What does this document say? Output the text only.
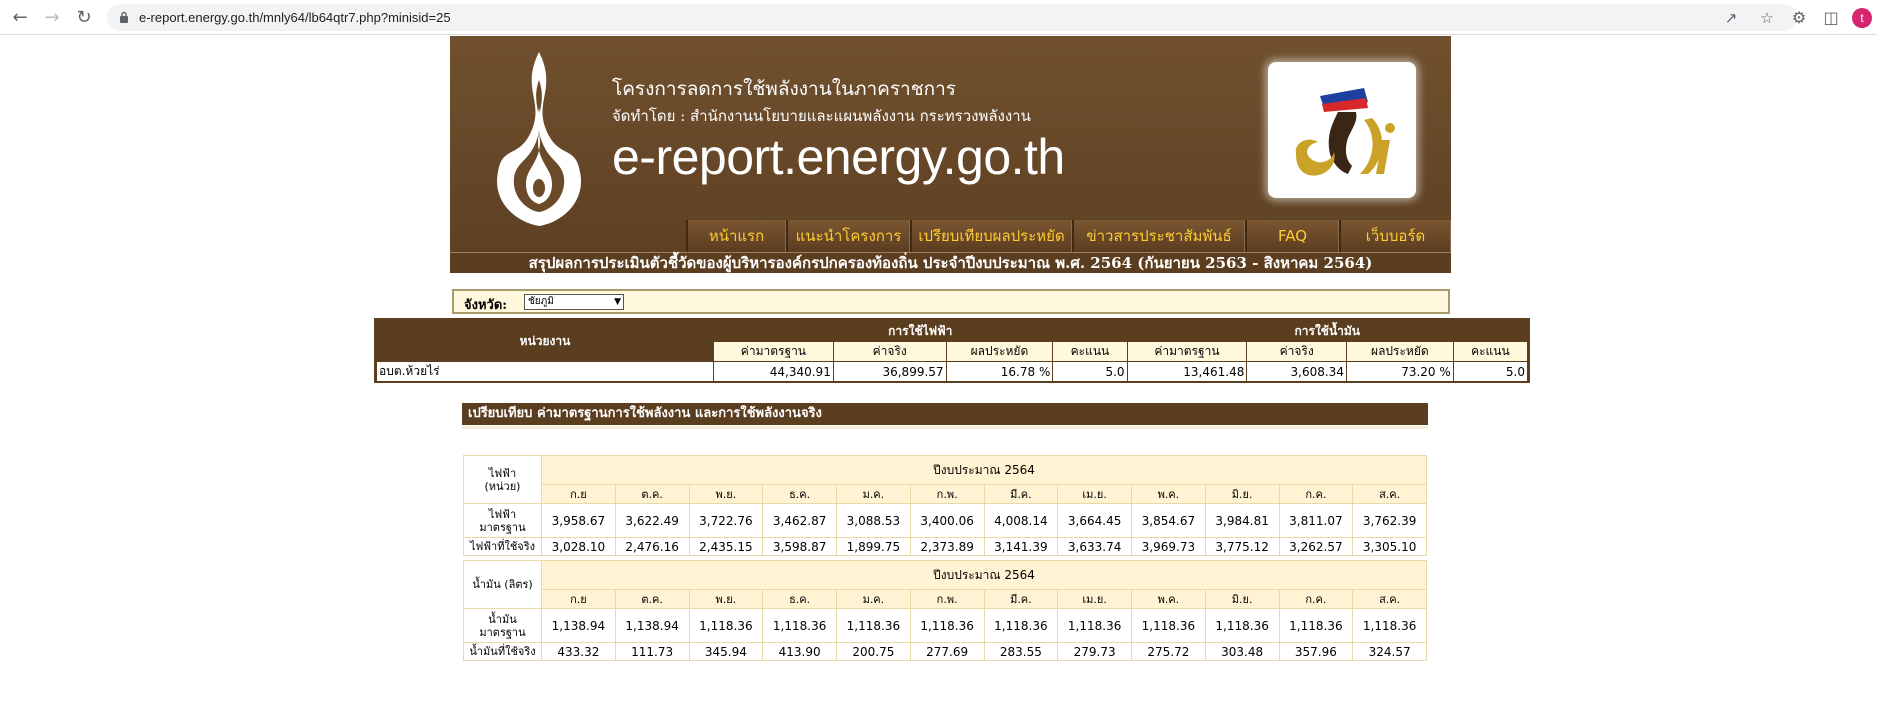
← → ↻	e-report.energy.go.th/mnly64/lb64qtr7.php?minisid=25	↗ ☆	⚙	◫	t
โครงการลดการใช้พลังงานในภาคราชการ
จัดทำโดย : สำนักงานนโยบายและแผนพลังงาน กระทรวงพลังงาน
e-report.energy.go.th
หน้าแรก	แนะนำโครงการ	เปรียบเทียบผลประหยัด	ข่าวสารประชาสัมพันธ์	FAQ	เว็บบอร์ด
สรุปผลการประเมินตัวชี้วัดของผู้บริหารองค์กรปกครองท้องถิ่น ประจำปีงบประมาณ พ.ศ. 2564 (กันยายน 2563 - สิงหาคม 2564)
จังหวัด:	ชัยภูมิ	▼
หน่วยงาน	การใช้ไฟฟ้า				การใช้น้ำมัน			
	ค่ามาตรฐาน	ค่าจริง	ผลประหยัด	คะแนน	ค่ามาตรฐาน	ค่าจริง	ผลประหยัด	คะแนน
อบต.ห้วยไร่	44,340.91	36,899.57	16.78 %	5.0	13,461.48	3,608.34	73.20 %	5.0
เปรียบเทียบ ค่ามาตรฐานการใช้พลังงาน และการใช้พลังงานจริง
ไฟฟ้า
(หน่วย)	ปีงบประมาณ 2564											
	ก.ย	ต.ค.	พ.ย.	ธ.ค.	ม.ค.	ก.พ.	มี.ค.	เม.ย.	พ.ค.	มิ.ย.	ก.ค.	ส.ค.
ไฟฟ้า
มาตรฐาน	3,958.67	3,622.49	3,722.76	3,462.87	3,088.53	3,400.06	4,008.14	3,664.45	3,854.67	3,984.81	3,811.07	3,762.39
ไฟฟ้าที่ใช้จริง	3,028.10	2,476.16	2,435.15	3,598.87	1,899.75	2,373.89	3,141.39	3,633.74	3,969.73	3,775.12	3,262.57	3,305.10
น้ำมัน (ลิตร)	ปีงบประมาณ 2564											
	ก.ย	ต.ค.	พ.ย.	ธ.ค.	ม.ค.	ก.พ.	มี.ค.	เม.ย.	พ.ค.	มิ.ย.	ก.ค.	ส.ค.
น้ำมัน
มาตรฐาน	1,138.94	1,138.94	1,118.36	1,118.36	1,118.36	1,118.36	1,118.36	1,118.36	1,118.36	1,118.36	1,118.36	1,118.36
น้ำมันที่ใช้จริง	433.32	111.73	345.94	413.90	200.75	277.69	283.55	279.73	275.72	303.48	357.96	324.57
